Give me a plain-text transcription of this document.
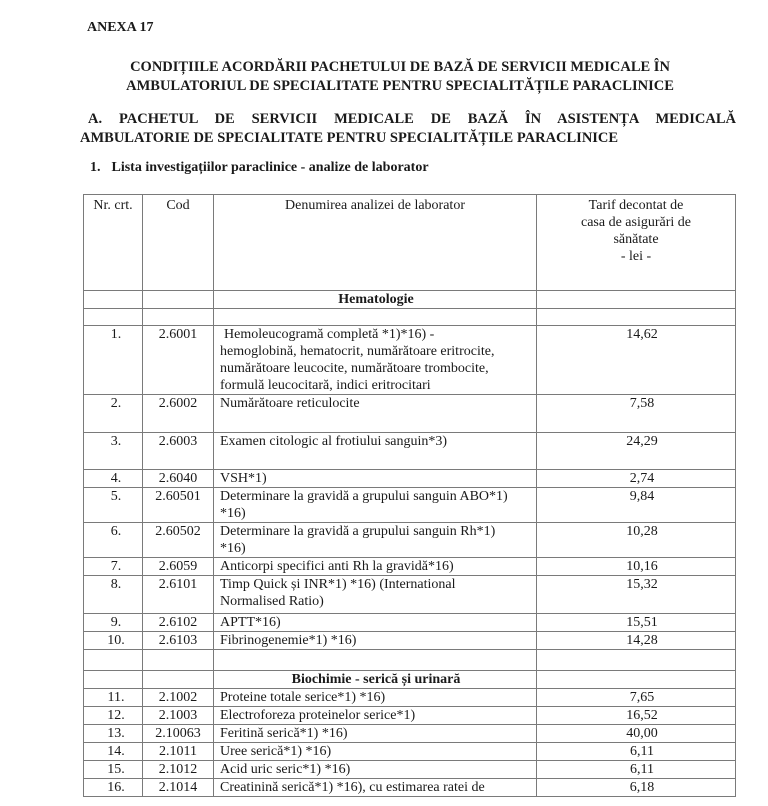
ANEXA 17
CONDIȚIILE ACORDĂRII PACHETULUI DE BAZĂ DE SERVICII MEDICALE ÎN
AMBULATORIUL DE SPECIALITATE PENTRU SPECIALITĂȚILE PARACLINICE
A. PACHETUL DE SERVICII MEDICALE DE BAZĂ ÎN ASISTENȚA MEDICALĂ
AMBULATORIE DE SPECIALITATE PENTRU SPECIALITĂȚILE PARACLINICE
1. Lista investigațiilor paraclinice - analize de laborator
Nr. crt.	Cod	Denumirea analizei de laborator	Tarif decontat de
casa de asigurări de
sănătate
- lei -

		Hematologie	

1.	2.6001	Hemoleucogramă completă *1)*16) -
hemoglobină, hematocrit, numărătoare eritrocite,
numărătoare leucocite, numărătoare trombocite,
formulă leucocitară, indici eritrocitari	14,62
2.	2.6002	Numărătoare reticulocite	7,58
3.	2.6003	Examen citologic al frotiului sanguin*3)	24,29
4.	2.6040	VSH*1)	2,74
5.	2.60501	Determinare la gravidă a grupului sanguin ABO*1)
*16)	9,84
6.	2.60502	Determinare la gravidă a grupului sanguin Rh*1)
*16)	10,28
7.	2.6059	Anticorpi specifici anti Rh la gravidă*16)	10,16
8.	2.6101	Timp Quick și INR*1) *16) (International
Normalised Ratio)	15,32
9.	2.6102	APTT*16)	15,51
10.	2.6103	Fibrinogenemie*1) *16)	14,28

		Biochimie - serică și urinară	
11.	2.1002	Proteine totale serice*1) *16)	7,65
12.	2.1003	Electroforeza proteinelor serice*1)	16,52
13.	2.10063	Feritină serică*1) *16)	40,00
14.	2.1011	Uree serică*1) *16)	6,11
15.	2.1012	Acid uric seric*1) *16)	6,11
16.	2.1014	Creatinină serică*1) *16), cu estimarea ratei de	6,18
